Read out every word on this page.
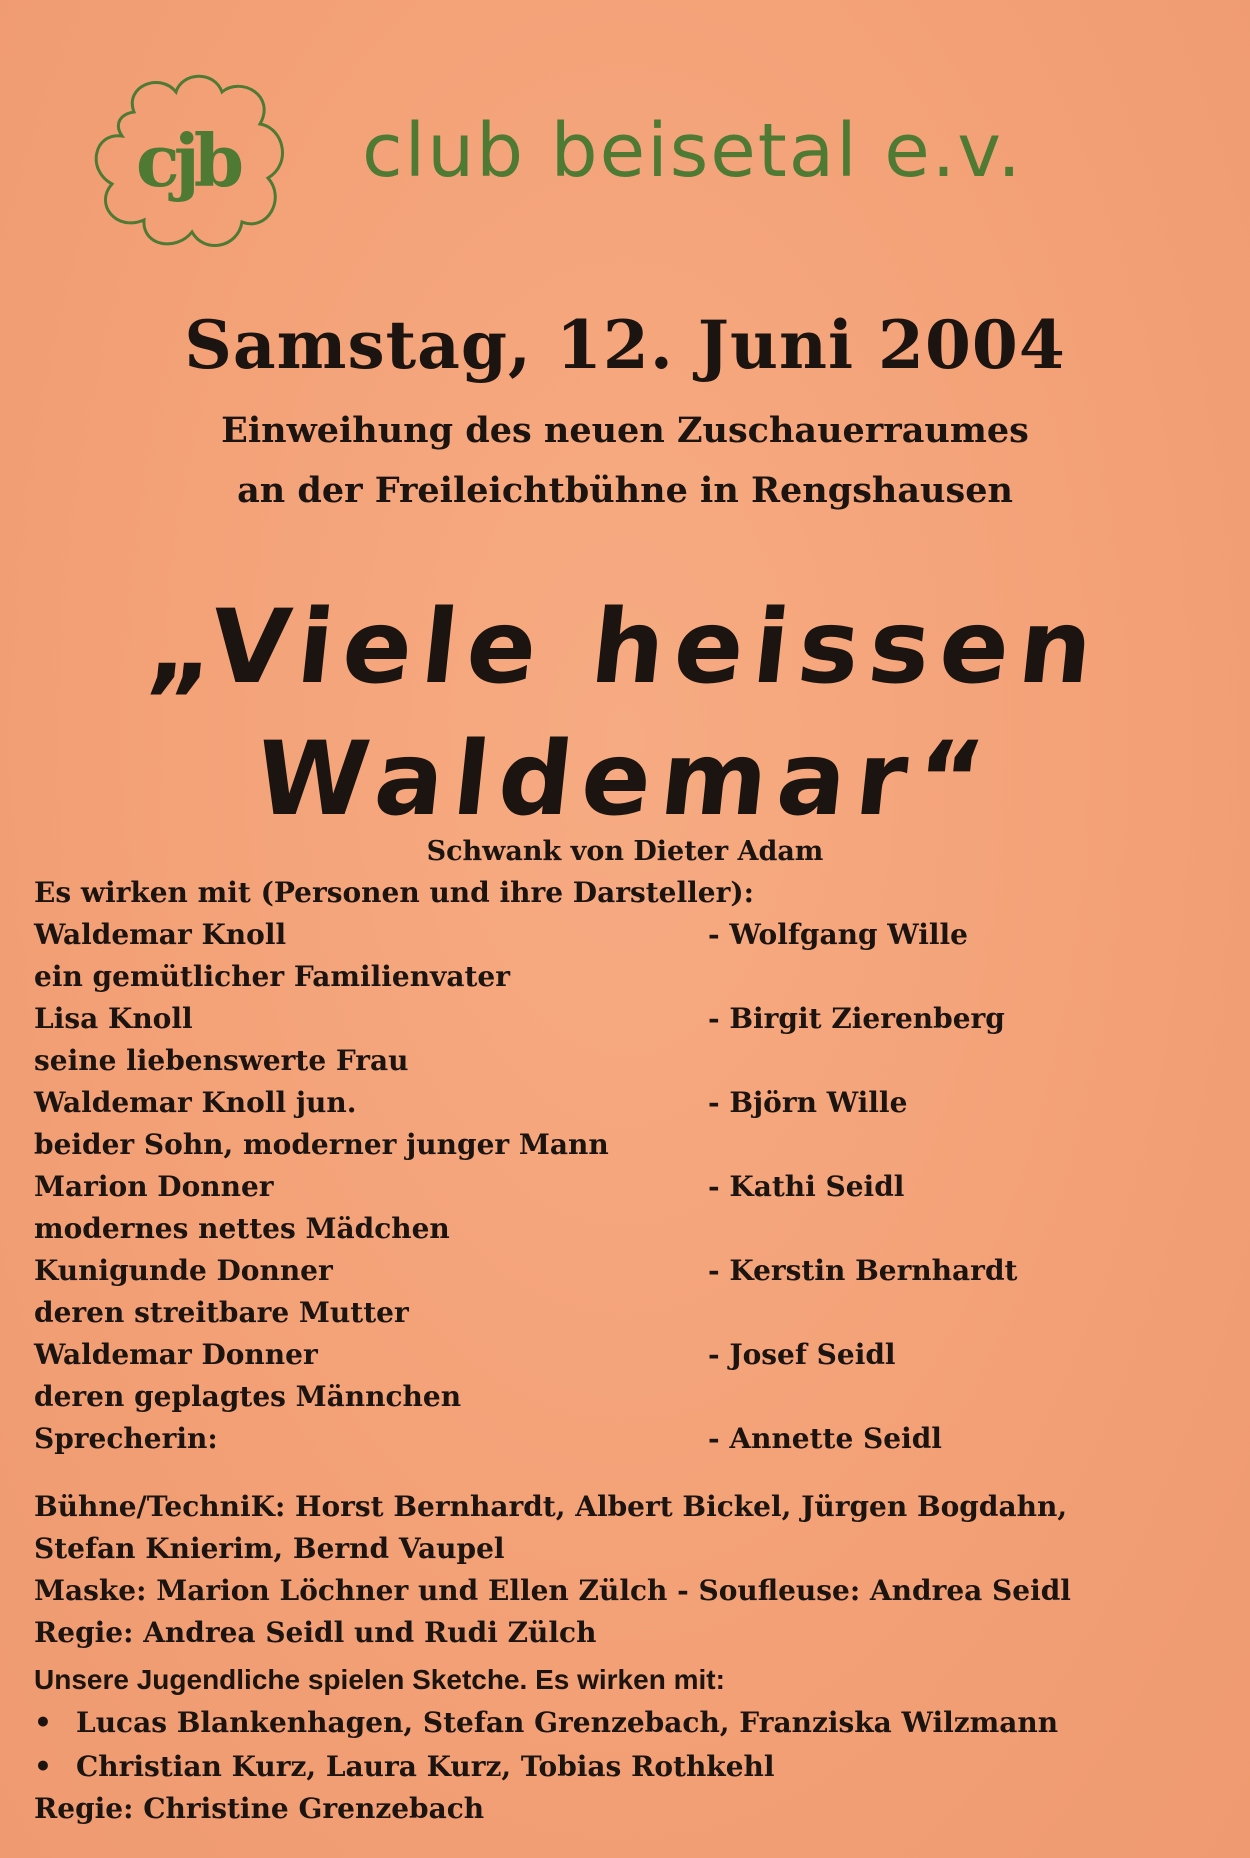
cjb club beisetal e.v.
Samstag, 12. Juni 2004
Einweihung des neuen Zuschauerraumes
an der Freileichtbühne in Rengshausen
„Viele heissen
Waldemar“
Schwank von Dieter Adam
Es wirken mit (Personen und ihre Darsteller):
Waldemar Knoll	- Wolfgang Wille
ein gemütlicher Familienvater
Lisa Knoll	- Birgit Zierenberg
seine liebenswerte Frau
Waldemar Knoll jun.	- Björn Wille
beider Sohn, moderner junger Mann
Marion Donner	- Kathi Seidl
modernes nettes Mädchen
Kunigunde Donner	- Kerstin Bernhardt
deren streitbare Mutter
Waldemar Donner	- Josef Seidl
deren geplagtes Männchen
Sprecherin:	- Annette Seidl
Bühne/TechniK: Horst Bernhardt, Albert Bickel, Jürgen Bogdahn,
Stefan Knierim, Bernd Vaupel
Maske: Marion Löchner und Ellen Zülch - Soufleuse: Andrea Seidl
Regie: Andrea Seidl und Rudi Zülch
Unsere Jugendliche spielen Sketche. Es wirken mit:
• Lucas Blankenhagen, Stefan Grenzebach, Franziska Wilzmann
• Christian Kurz, Laura Kurz, Tobias Rothkehl
Regie: Christine Grenzebach
